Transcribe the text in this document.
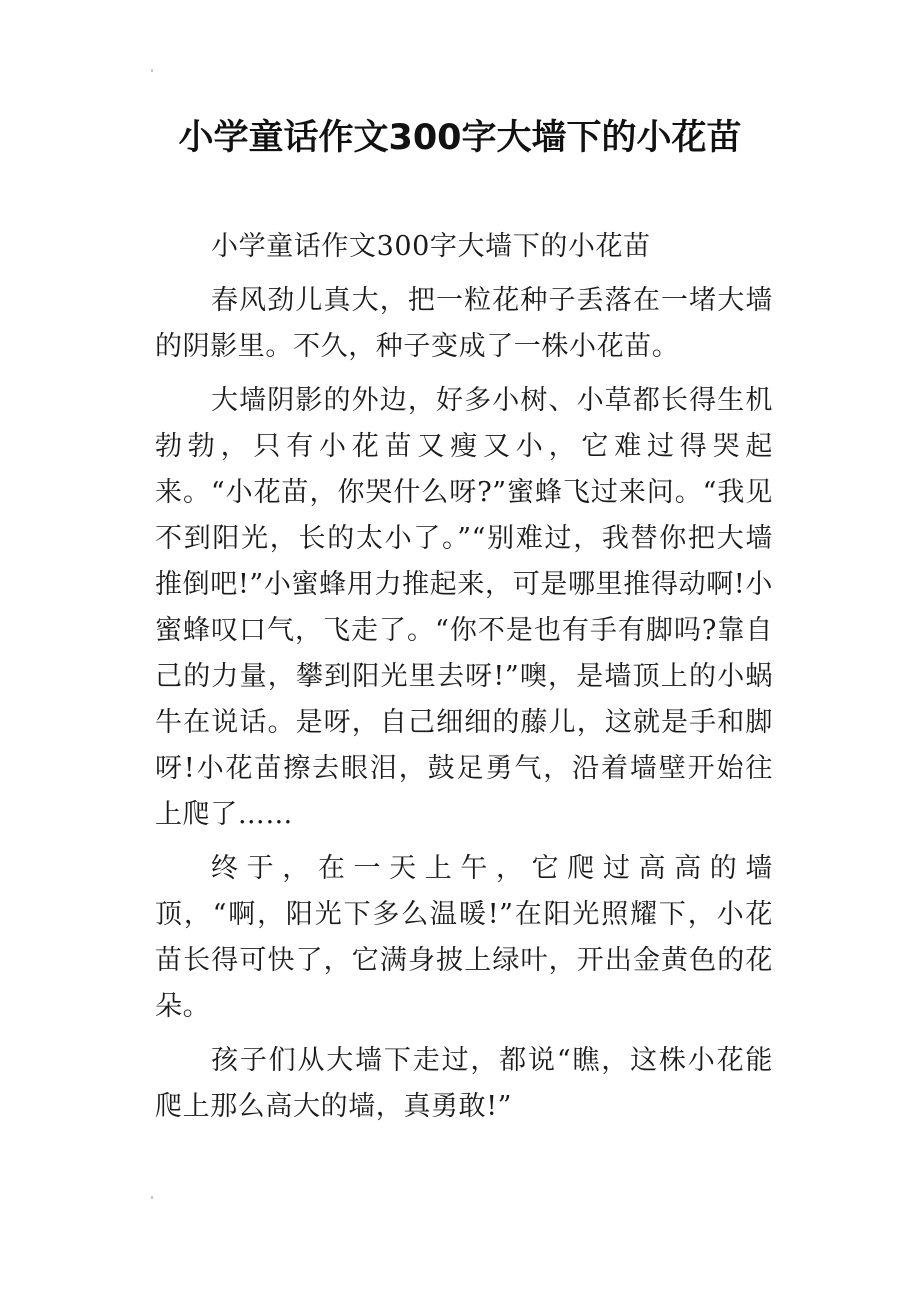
小学童话作文300字大墙下的小花苗

小学童话作文300字大墙下的小花苗

春风劲儿真大，把一粒花种子丢落在一堵大墙的阴影里。不久，种子变成了一株小花苗。

大墙阴影的外边，好多小树、小草都长得生机勃勃，只有小花苗又瘦又小，它难过得哭起来。“小花苗，你哭什么呀?”蜜蜂飞过来问。“我见不到阳光，长的太小了。”“别难过，我替你把大墙推倒吧!”小蜜蜂用力推起来，可是哪里推得动啊!小蜜蜂叹口气，飞走了。“你不是也有手有脚吗?靠自己的力量，攀到阳光里去呀!”噢，是墙顶上的小蜗牛在说话。是呀，自己细细的藤儿，这就是手和脚呀!小花苗擦去眼泪，鼓足勇气，沿着墙壁开始往上爬了……

终于，在一天上午，它爬过高高的墙顶，“啊，阳光下多么温暖!”在阳光照耀下，小花苗长得可快了，它满身披上绿叶，开出金黄色的花朵。

孩子们从大墙下走过，都说“瞧，这株小花能爬上那么高大的墙，真勇敢!”
